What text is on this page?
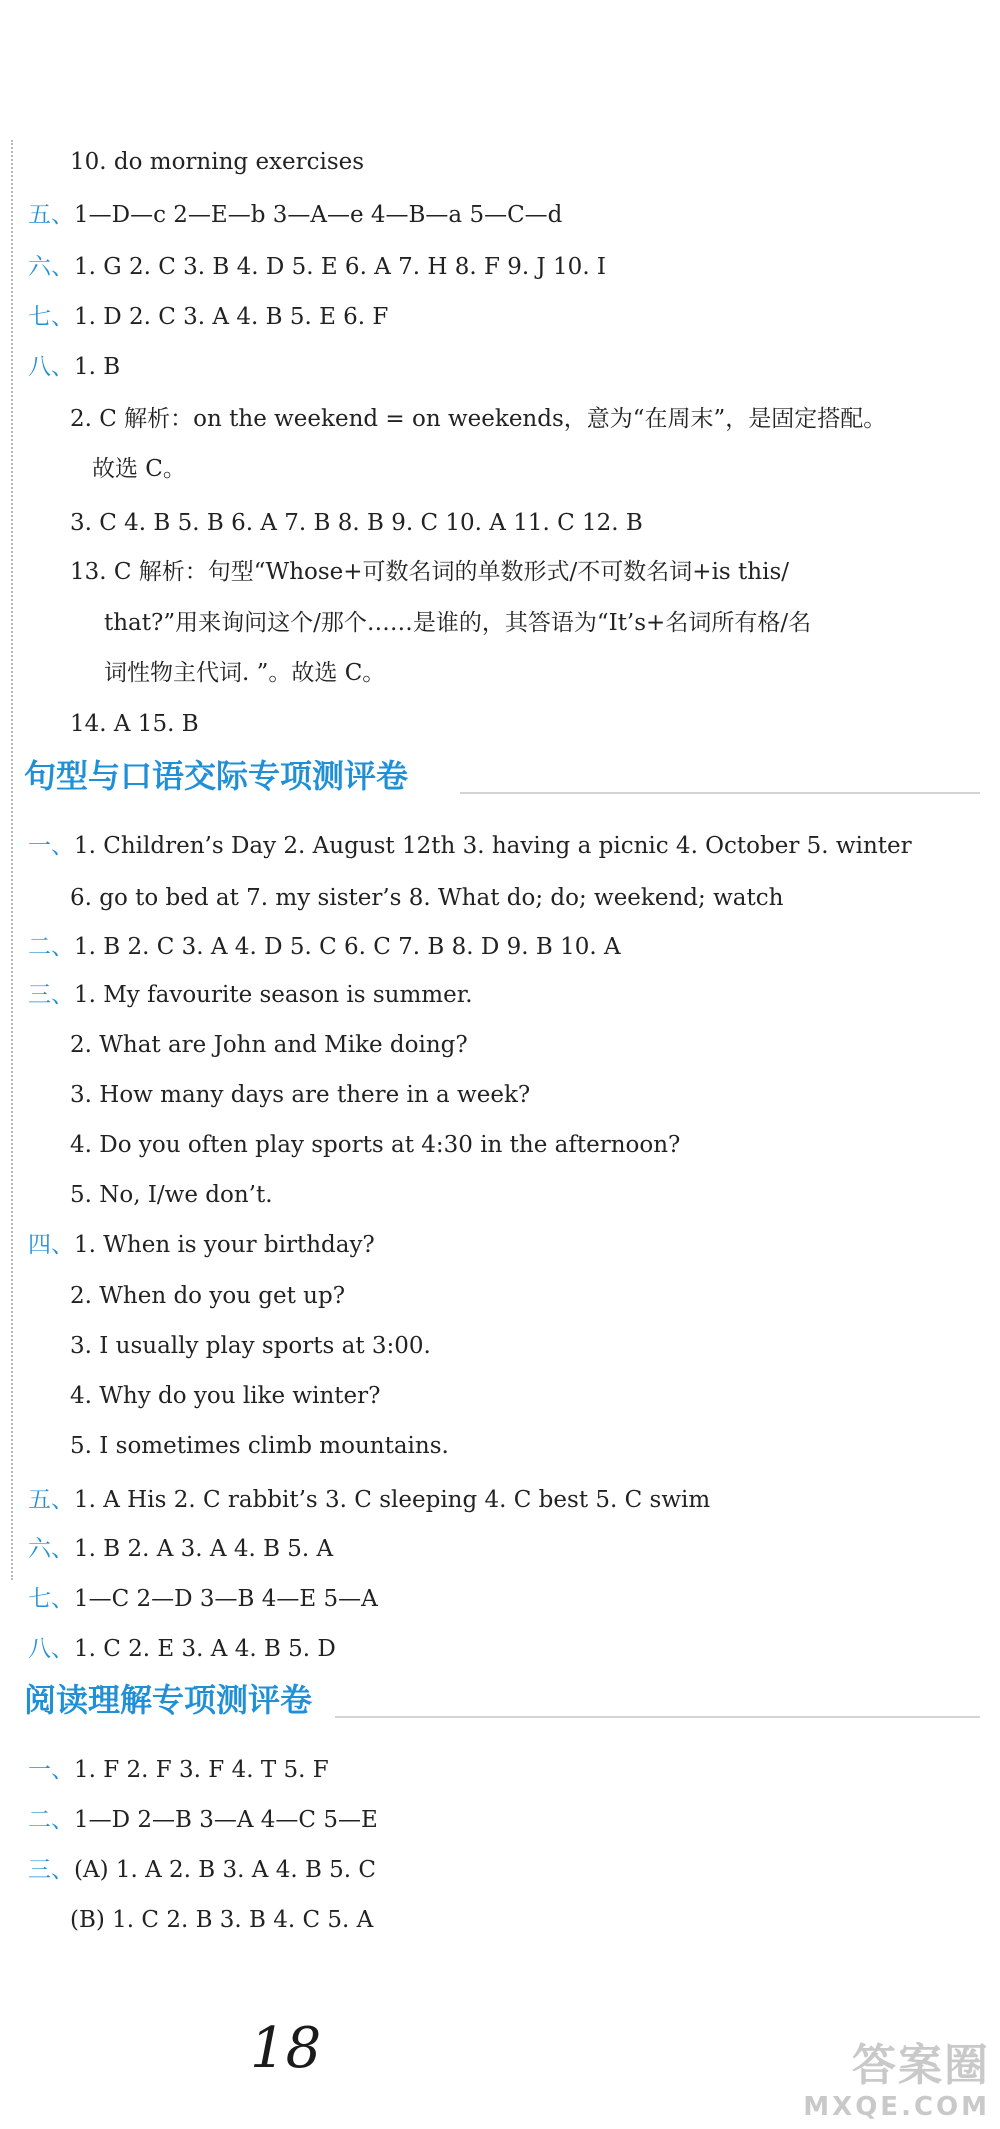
10. do morning exercises
五、1—D—c 2—E—b 3—A—e 4—B—a 5—C—d
六、1. G 2. C 3. B 4. D 5. E 6. A 7. H 8. F 9. J 10. I
七、1. D 2. C 3. A 4. B 5. E 6. F
八、1. B
2. C 解析：on the weekend = on weekends，意为“在周末”，是固定搭配。
故选 C。
3. C 4. B 5. B 6. A 7. B 8. B 9. C 10. A 11. C 12. B
13. C 解析：句型“Whose+可数名词的单数形式/不可数名词+is this/
that?”用来询问这个/那个……是谁的，其答语为“It’s+名词所有格/名
词性物主代词. ”。故选 C。
14. A 15. B
句型与口语交际专项测评卷
一、1. Children’s Day 2. August 12th 3. having a picnic 4. October 5. winter
6. go to bed at 7. my sister’s 8. What do; do; weekend; watch
二、1. B 2. C 3. A 4. D 5. C 6. C 7. B 8. D 9. B 10. A
三、1. My favourite season is summer.
2. What are John and Mike doing?
3. How many days are there in a week?
4. Do you often play sports at 4:30 in the afternoon?
5. No, I/we don’t.
四、1. When is your birthday?
2. When do you get up?
3. I usually play sports at 3:00.
4. Why do you like winter?
5. I sometimes climb mountains.
五、1. A His 2. C rabbit’s 3. C sleeping 4. C best 5. C swim
六、1. B 2. A 3. A 4. B 5. A
七、1—C 2—D 3—B 4—E 5—A
八、1. C 2. E 3. A 4. B 5. D
阅读理解专项测评卷
一、1. F 2. F 3. F 4. T 5. F
二、1—D 2—B 3—A 4—C 5—E
三、(A) 1. A 2. B 3. A 4. B 5. C
(B) 1. C 2. B 3. B 4. C 5. A
18	答案圈
MXQE.COM
